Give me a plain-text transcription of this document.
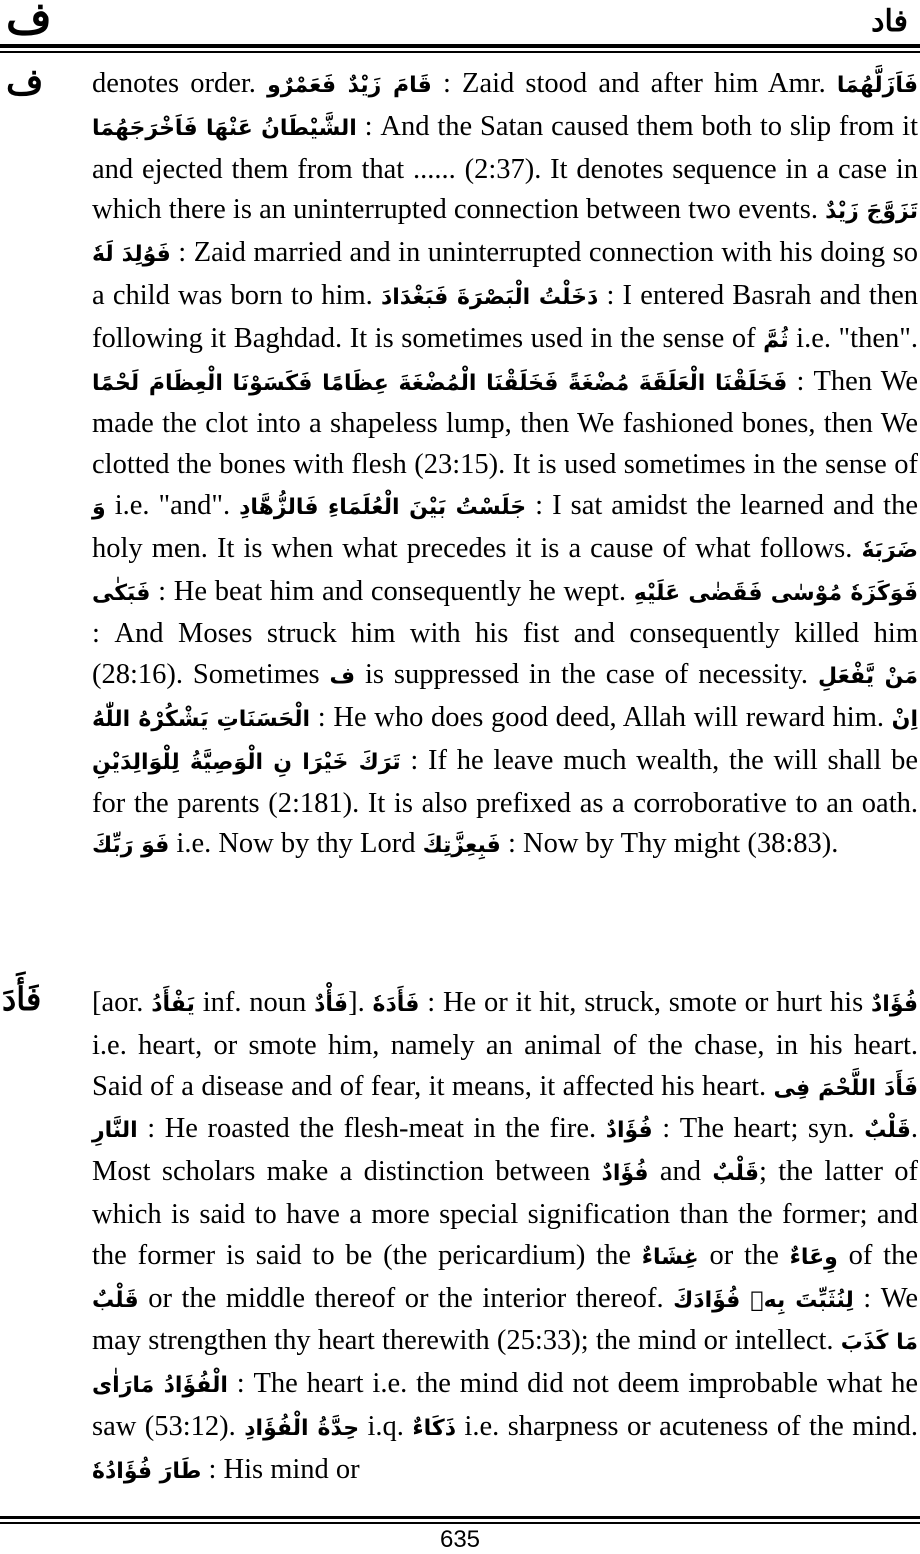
ف	فاد
ف denotes order. قَامَ زَيْدٌ فَعَمْرٌو : Zaid stood and after him Amr. فَاَزَلَّهُمَا الشَّيْطَانُ عَنْهَا فَاَخْرَجَهُمَا : And the Satan caused them both to slip from it and ejected them from that ...... (2:37). It denotes sequence in a case in which there is an uninterrupted connection between two events. تَزَوَّجَ زَيْدٌ فَوُلِدَ لَهٗ : Zaid married and in uninterrupted connection with his doing so a child was born to him. دَخَلْتُ الْبَصْرَةَ فَبَغْدَادَ : I entered Basrah and then following it Baghdad. It is sometimes used in the sense of ثُمَّ i.e. "then". فَخَلَقْنَا الْعَلَقَةَ مُضْغَةً فَخَلَقْنَا الْمُضْغَةَ عِظَامًا فَكَسَوْنَا الْعِظَامَ لَحْمًا : Then We made the clot into a shapeless lump, then We fashioned bones, then We clotted the bones with flesh (23:15). It is used sometimes in the sense of وَ i.e. "and". جَلَسْتُ بَيْنَ الْعُلَمَاءِ فَالزُّهَّادِ : I sat amidst the learned and the holy men. It is when what precedes it is a cause of what follows. ضَرَبَهٗ فَبَكٰى : He beat him and consequently he wept. فَوَكَزَهٗ مُوْسٰى فَقَضٰى عَلَيْهِ : And Moses struck him with his fist and consequently killed him (28:16). Sometimes ف is suppressed in the case of necessity. مَنْ يَّفْعَلِ الْحَسَنَاتِ يَشْكُرْهُ اللّٰهُ : He who does good deed, Allah will reward him. اِنْ تَرَكَ خَيْرَا نِ الْوَصِيَّةُ لِلْوَالِدَيْنِ : If he leave much wealth, the will shall be for the parents (2:181). It is also prefixed as a corroborative to an oath. فَوَ رَبِّكَ i.e. Now by thy Lord فَبِعِزَّتِكَ : Now by Thy might (38:83).
فَأَدَ [aor. يَفْأَدُ inf. noun فَأْدٌ]. فَأَدَهٗ : He or it hit, struck, smote or hurt his فُؤَادٌ i.e. heart, or smote him, namely an animal of the chase, in his heart. Said of a disease and of fear, it means, it affected his heart. فَأَدَ اللَّحْمَ فِى النَّارِ : He roasted the flesh-meat in the fire. فُؤَادٌ : The heart; syn. قَلْبٌ. Most scholars make a distinction between فُؤَادٌ and قَلْبٌ; the latter of which is said to have a more special signification than the former; and the former is said to be (the pericardium) the غِشَاءٌ or the وِعَاءٌ of the قَلْبٌ or the middle thereof or the interior thereof. لِنُثَبِّتَ بِهٖ فُؤَادَكَ : We may strengthen thy heart therewith (25:33); the mind or intellect. مَا كَذَبَ الْفُؤَادُ مَارَاٰى : The heart i.e. the mind did not deem improbable what he saw (53:12). حِدَّةُ الْفُؤَادِ i.q. ذَكَاءٌ i.e. sharpness or acuteness of the mind. طَارَ فُؤَادُهٗ : His mind or
635
